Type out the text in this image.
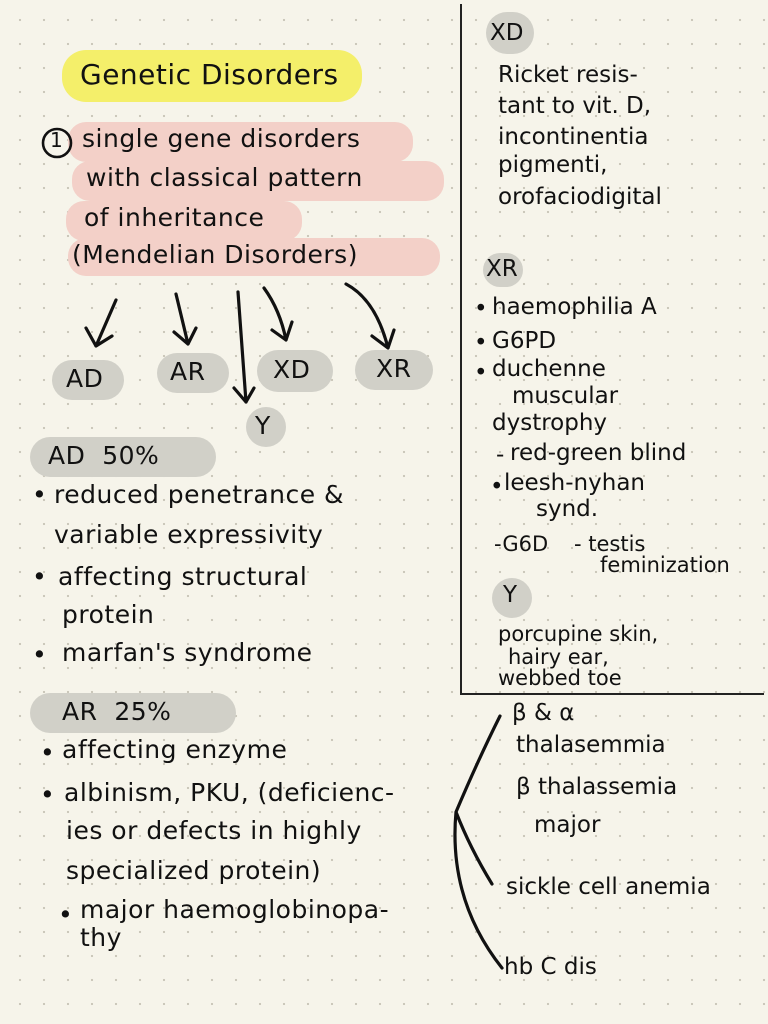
Genetic Disorders
1 single gene disorders
with classical pattern
of inheritance
(Mendelian Disorders)
AD	AR	XD	XR
Y
AD  50%
• reduced penetrance &
variable expressivity
• affecting structural
protein
• marfan's syndrome
AR  25%
• affecting enzyme
• albinism, PKU, (deficienc-
ies or defects in highly
specialized protein)
• major haemoglobinopa-
thy
XD
Ricket resis-
tant to vit. D,
incontinentia
pigmenti,
orofaciodigital
XR
• haemophilia A
• G6PD
• duchenne
muscular
dystrophy
- red-green blind
• leesh-nyhan
synd.
-G6D - testis
feminization
Y
porcupine skin,
hairy ear,
webbed toe
β & α
thalasemmia
β thalassemia
major
sickle cell anemia
hb C dis
